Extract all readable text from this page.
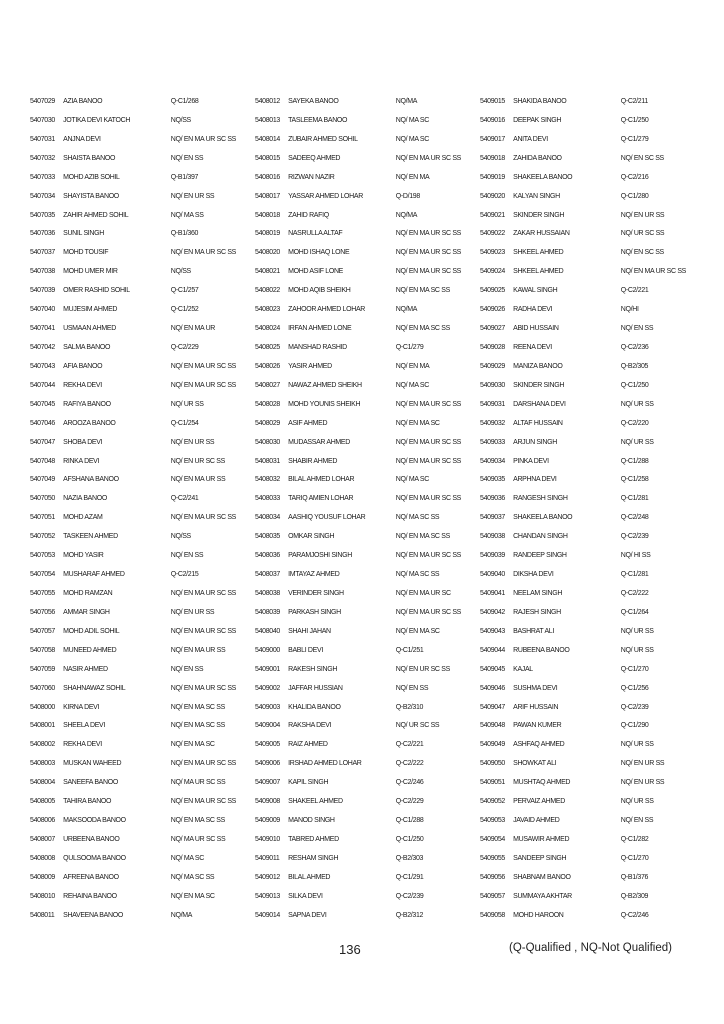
5407029 AZIA BANOO	Q-C1/268
5407030 JOTIKA DEVI KATOCH	NQ/SS
5407031 ANJNA DEVI	NQ/ EN MA UR SC SS
5407032 SHAISTA BANOO	NQ/ EN SS
5407033 MOHD AZIB SOHIL	Q-B1/397
5407034 SHAYISTA BANOO	NQ/ EN UR SS
5407035 ZAHIR AHMED SOHIL	NQ/ MA SS
5407036 SUNIL SINGH	Q-B1/360
5407037 MOHD TOUSIF	NQ/ EN MA UR SC SS
5407038 MOHD UMER MIR	NQ/SS
5407039 OMER RASHID SOHIL	Q-C1/257
5407040 MUJESIM AHMED	Q-C1/252
5407041 USMAAN AHMED	NQ/ EN MA UR
5407042 SALMA BANOO	Q-C2/229
5407043 AFIA BANOO	NQ/ EN MA UR SC SS
5407044 REKHA DEVI	NQ/ EN MA UR SC SS
5407045 RAFIYA BANOO	NQ/ UR SS
5407046 AROOZA BANOO	Q-C1/254
5407047 SHOBA DEVI	NQ/ EN UR SS
5407048 RINKA DEVI	NQ/ EN UR SC SS
5407049 AFSHANA BANOO	NQ/ EN MA UR SS
5407050 NAZIA BANOO	Q-C2/241
5407051 MOHD AZAM	NQ/ EN MA UR SC SS
5407052 TASKEEN AHMED	NQ/SS
5407053 MOHD YASIR	NQ/ EN SS
5407054 MUSHARAF AHMED	Q-C2/215
5407055 MOHD RAMZAN	NQ/ EN MA UR SC SS
5407056 AMMAR SINGH	NQ/ EN UR SS
5407057 MOHD ADIL SOHIL	NQ/ EN MA UR SC SS
5407058 MUNEED AHMED	NQ/ EN MA UR SS
5407059 NASIR AHMED	NQ/ EN SS
5407060 SHAHNAWAZ SOHIL	NQ/ EN MA UR SC SS
5408000 KIRNA DEVI	NQ/ EN MA SC SS
5408001 SHEELA DEVI	NQ/ EN MA SC SS
5408002 REKHA DEVI	NQ/ EN MA SC
5408003 MUSKAN WAHEED	NQ/ EN MA UR SC SS
5408004 SANEEFA BANOO	NQ/ MA UR SC SS
5408005 TAHIRA BANOO	NQ/ EN MA UR SC SS
5408006 MAKSOODA BANOO	NQ/ EN MA SC SS
5408007 URBEENA BANOO	NQ/ MA UR SC SS
5408008 QULSOOMA BANOO	NQ/ MA SC
5408009 AFREENA BANOO	NQ/ MA SC SS
5408010 REHAINA BANOO	NQ/ EN MA SC
5408011 SHAVEENA BANOO	NQ/MA
5408012 SAYEKA BANOO	NQ/MA
5408013 TASLEEMA BANOO	NQ/ MA SC
5408014 ZUBAIR AHMED SOHIL	NQ/ MA SC
5408015 SADEEQ AHMED	NQ/ EN MA UR SC SS
5408016 RIZWAN NAZIR	NQ/ EN MA
5408017 YASSAR AHMED LOHAR	Q-D/198
5408018 ZAHID RAFIQ	NQ/MA
5408019 NASRULLA ALTAF	NQ/ EN MA UR SC SS
5408020 MOHD ISHAQ LONE	NQ/ EN MA UR SC SS
5408021 MOHD ASIF LONE	NQ/ EN MA UR SC SS
5408022 MOHD AQIB SHEIKH	NQ/ EN MA SC SS
5408023 ZAHOOR AHMED LOHAR	NQ/MA
5408024 IRFAN AHMED LONE	NQ/ EN MA SC SS
5408025 MANSHAD RASHID	Q-C1/279
5408026 YASIR AHMED	NQ/ EN MA
5408027 NAWAZ AHMED SHEIKH	NQ/ MA SC
5408028 MOHD YOUNIS SHEIKH	NQ/ EN MA UR SC SS
5408029 ASIF AHMED	NQ/ EN MA SC
5408030 MUDASSAR AHMED	NQ/ EN MA UR SC SS
5408031 SHABIR AHMED	NQ/ EN MA UR SC SS
5408032 BILAL AHMED LOHAR	NQ/ MA SC
5408033 TARIQ AMIEN LOHAR	NQ/ EN MA UR SC SS
5408034 AASHIQ YOUSUF LOHAR	NQ/ MA SC SS
5408035 OMKAR SINGH	NQ/ EN MA SC SS
5408036 PARAMJOSHI SINGH	NQ/ EN MA UR SC SS
5408037 IMTAYAZ AHMED	NQ/ MA SC SS
5408038 VERINDER SINGH	NQ/ EN MA UR SC
5408039 PARKASH SINGH	NQ/ EN MA UR SC SS
5408040 SHAHI JAHAN	NQ/ EN MA SC
5409000 BABLI DEVI	Q-C1/251
5409001 RAKESH SINGH	NQ/ EN UR SC SS
5409002 JAFFAR HUSSIAN	NQ/ EN SS
5409003 KHALIDA BANOO	Q-B2/310
5409004 RAKSHA DEVI	NQ/ UR SC SS
5409005 RAIZ AHMED	Q-C2/221
5409006 IRSHAD AHMED LOHAR	Q-C2/222
5409007 KAPIL SINGH	Q-C2/246
5409008 SHAKEEL AHMED	Q-C2/229
5409009 MANOD SINGH	Q-C1/288
5409010 TABRED AHMED	Q-C1/250
5409011 RESHAM SINGH	Q-B2/303
5409012 BILAL AHMED	Q-C1/291
5409013 SILKA DEVI	Q-C2/239
5409014 SAPNA DEVI	Q-B2/312
5409015 SHAKIDA BANOO	Q-C2/211
5409016 DEEPAK SINGH	Q-C1/250
5409017 ANITA DEVI	Q-C1/279
5409018 ZAHIDA BANOO	NQ/ EN SC SS
5409019 SHAKEELA BANOO	Q-C2/216
5409020 KALYAN SINGH	Q-C1/280
5409021 SKINDER SINGH	NQ/ EN UR SS
5409022 ZAKAR HUSSAIAN	NQ/ UR SC SS
5409023 SHKEEL AHMED	NQ/ EN SC SS
5409024 SHKEEL AHMED	NQ/ EN MA UR SC SS
5409025 KAWAL SINGH	Q-C2/221
5409026 RADHA DEVI	NQ/HI
5409027 ABID HUSSAIN	NQ/ EN SS
5409028 REENA DEVI	Q-C2/236
5409029 MANIZA BANOO	Q-B2/305
5409030 SKINDER SINGH	Q-C1/250
5409031 DARSHANA DEVI	NQ/ UR SS
5409032 ALTAF HUSSAIN	Q-C2/220
5409033 ARJUN SINGH	NQ/ UR SS
5409034 PINKA DEVI	Q-C1/288
5409035 ARPHNA DEVI	Q-C1/258
5409036 RANGESH SINGH	Q-C1/281
5409037 SHAKEELA BANOO	Q-C2/248
5409038 CHANDAN SINGH	Q-C2/239
5409039 RANDEEP SINGH	NQ/ HI SS
5409040 DIKSHA DEVI	Q-C1/281
5409041 NEELAM SINGH	Q-C2/222
5409042 RAJESH SINGH	Q-C1/264
5409043 BASHRAT ALI	NQ/ UR SS
5409044 RUBEENA BANOO	NQ/ UR SS
5409045 KAJAL	Q-C1/270
5409046 SUSHMA DEVI	Q-C1/256
5409047 ARIF HUSSAIN	Q-C2/239
5409048 PAWAN KUMER	Q-C1/290
5409049 ASHFAQ AHMED	NQ/ UR SS
5409050 SHOWKAT ALI	NQ/ EN UR SS
5409051 MUSHTAQ AHMED	NQ/ EN UR SS
5409052 PERVAIZ AHMED	NQ/ UR SS
5409053 JAVAID AHMED	NQ/ EN SS
5409054 MUSAWIR AHMED	Q-C1/282
5409055 SANDEEP SINGH	Q-C1/270
5409056 SHABNAM BANOO	Q-B1/376
5409057 SUMMAYA AKHTAR	Q-B2/309
5409058 MOHD HAROON	Q-C2/246
136	(Q-Qualified , NQ-Not Qualified)
